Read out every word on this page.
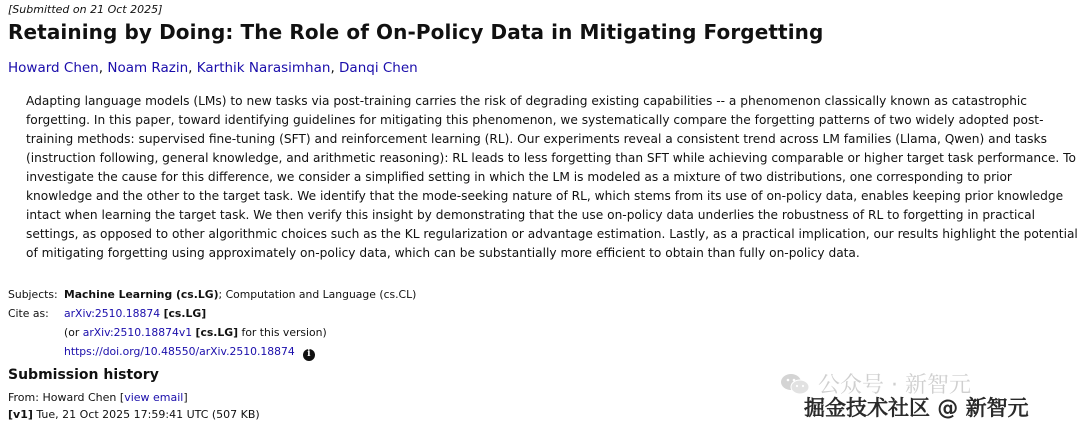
[Submitted on 21 Oct 2025]
Retaining by Doing: The Role of On-Policy Data in Mitigating Forgetting
Howard Chen, Noam Razin, Karthik Narasimhan, Danqi Chen

Adapting language models (LMs) to new tasks via post-training carries the risk of degrading existing capabilities -- a phenomenon classically known as catastrophic forgetting. In this paper, toward identifying guidelines for mitigating this phenomenon, we systematically compare the forgetting patterns of two widely adopted post-training methods: supervised fine-tuning (SFT) and reinforcement learning (RL). Our experiments reveal a consistent trend across LM families (Llama, Qwen) and tasks (instruction following, general knowledge, and arithmetic reasoning): RL leads to less forgetting than SFT while achieving comparable or higher target task performance. To investigate the cause for this difference, we consider a simplified setting in which the LM is modeled as a mixture of two distributions, one corresponding to prior knowledge and the other to the target task. We identify that the mode-seeking nature of RL, which stems from its use of on-policy data, enables keeping prior knowledge intact when learning the target task. We then verify this insight by demonstrating that the use on-policy data underlies the robustness of RL to forgetting in practical settings, as opposed to other algorithmic choices such as the KL regularization or advantage estimation. Lastly, as a practical implication, our results highlight the potential of mitigating forgetting using approximately on-policy data, which can be substantially more efficient to obtain than fully on-policy data.

Subjects: Machine Learning (cs.LG); Computation and Language (cs.CL)
Cite as:	arXiv:2510.18874 [cs.LG]
(or arXiv:2510.18874v1 [cs.LG] for this version)
https://doi.org/10.48550/arXiv.2510.18874 i
Submission history
From: Howard Chen [view email]
[v1] Tue, 21 Oct 2025 17:59:41 UTC (507 KB)
公众号 · 新智元
掘金技术社区 @ 新智元
